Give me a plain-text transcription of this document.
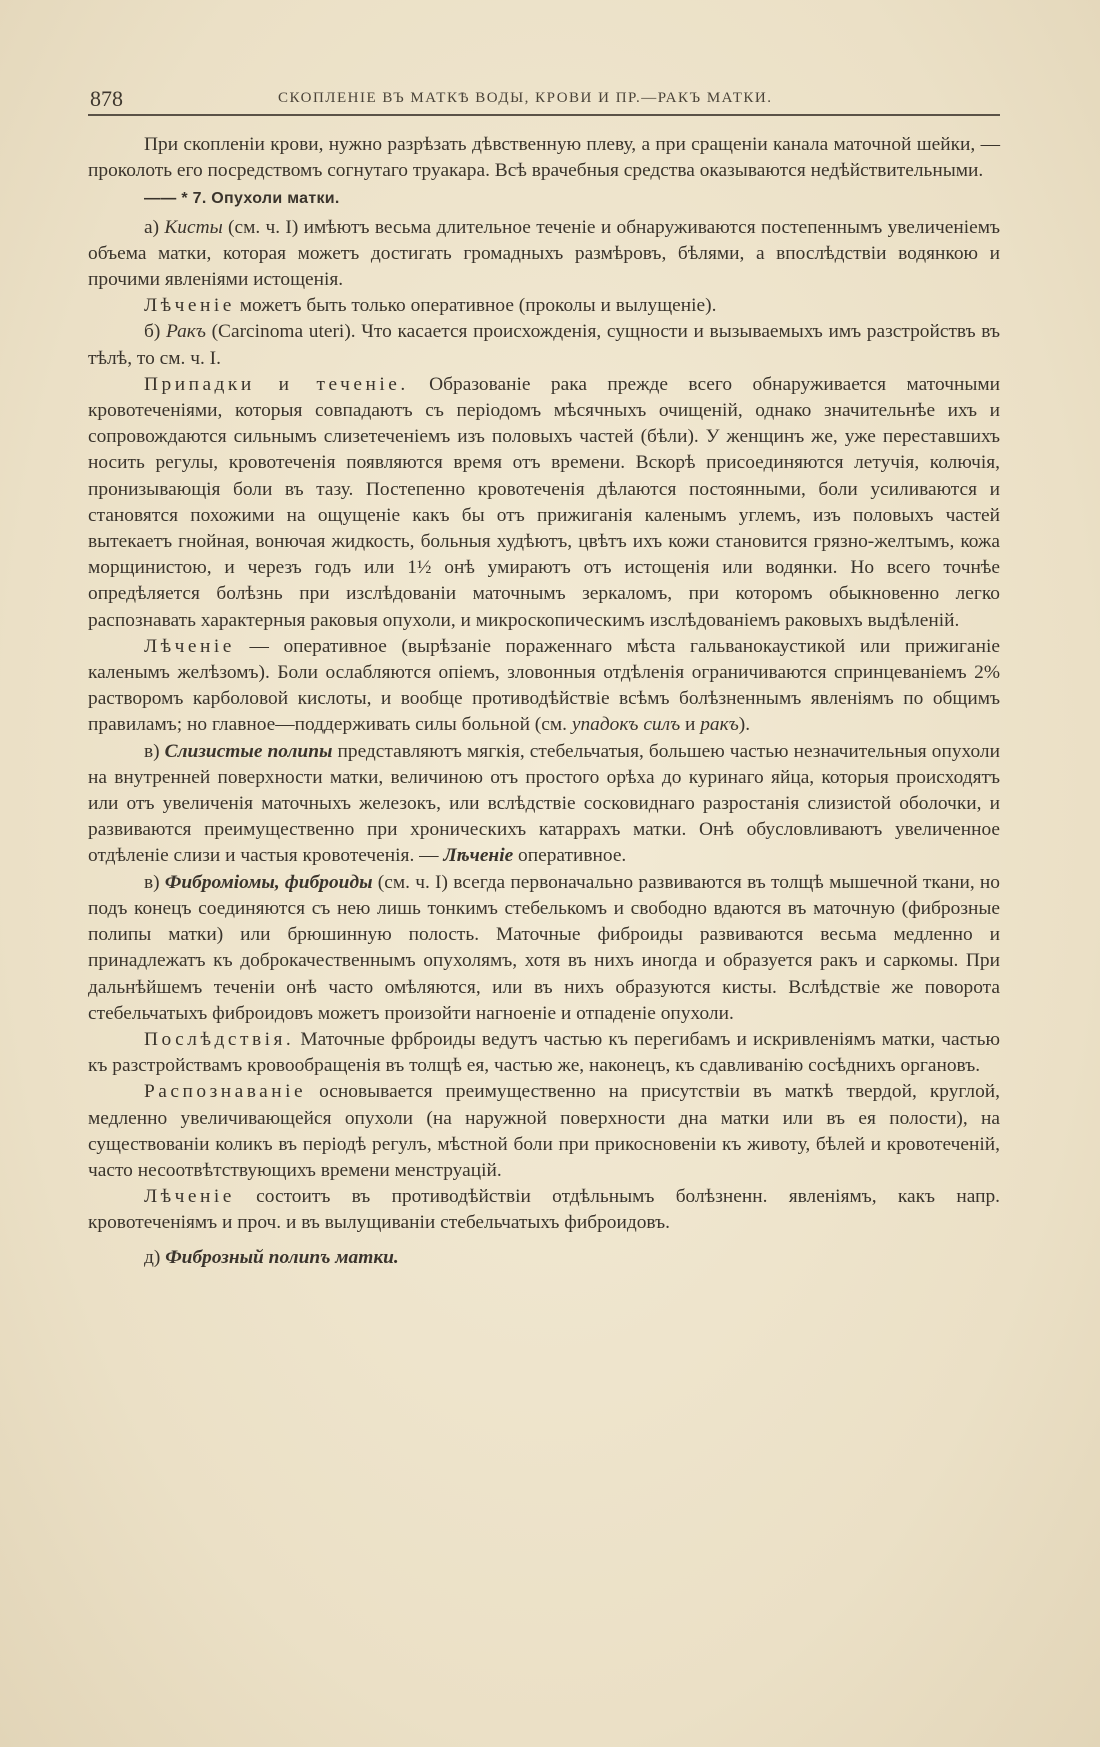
878	СКОПЛЕНІЕ ВЪ МАТКѢ ВОДЫ, КРОВИ И ПР.—РАКЪ МАТКИ.

При скопленіи крови, нужно разрѣзать дѣвственную плеву, а при сращеніи канала маточной шейки, — проколоть его посредствомъ согнутаго труакара. Всѣ врачебныя средства оказываются недѣйствительными.

—— * 7. Опухоли матки.

а) Кисты (см. ч. I) имѣютъ весьма длительное теченіе и обнаруживаются постепеннымъ увеличеніемъ объема матки, которая можетъ достигать громадныхъ размѣровъ, бѣлями, а впослѣдствіи водянкою и прочими явленіями истощенія.

Лѣченіе можетъ быть только оперативное (проколы и вылущеніе).

б) Ракъ (Carcinoma uteri). Что касается происхожденія, сущности и вызываемыхъ имъ разстройствъ въ тѣлѣ, то см. ч. I.

Припадки и теченіе. Образованіе рака прежде всего обнаруживается маточными кровотеченіями, которыя совпадаютъ съ періодомъ мѣсячныхъ очищеній, однако значительнѣе ихъ и сопровождаются сильнымъ слизетеченіемъ изъ половыхъ частей (бѣли). У женщинъ же, уже переставшихъ носить регулы, кровотеченія появляются время отъ времени. Вскорѣ присоединяются летучія, колючія, пронизывающія боли въ тазу. Постепенно кровотеченія дѣлаются постоянными, боли усиливаются и становятся похожими на ощущеніе какъ бы отъ прижиганія каленымъ углемъ, изъ половыхъ частей вытекаетъ гнойная, вонючая жидкость, больныя худѣютъ, цвѣтъ ихъ кожи становится грязно-желтымъ, кожа морщинистою, и черезъ годъ или 1½ онѣ умираютъ отъ истощенія или водянки. Но всего точнѣе опредѣляется болѣзнь при изслѣдованіи маточнымъ зеркаломъ, при которомъ обыкновенно легко распознавать характерныя раковыя опухоли, и микроскопическимъ изслѣдованіемъ раковыхъ выдѣленій.

Лѣченіе — оперативное (вырѣзаніе пораженнаго мѣста гальванокаустикой или прижиганіе каленымъ желѣзомъ). Боли ослабляются опіемъ, зловонныя отдѣленія ограничиваются спринцеваніемъ 2% растворомъ карболовой кислоты, и вообще противодѣйствіе всѣмъ болѣзненнымъ явленіямъ по общимъ правиламъ; но главное—поддерживать силы больной (см. упадокъ силъ и ракъ).

в) Слизистые полипы представляютъ мягкія, стебельчатыя, большею частью незначительныя опухоли на внутренней поверхности матки, величиною отъ простого орѣха до куринаго яйца, которыя происходятъ или отъ увеличенія маточныхъ железокъ, или вслѣдствіе сосковиднаго разростанія слизистой оболочки, и развиваются преимущественно при хроническихъ катаррахъ матки. Онѣ обусловливаютъ увеличенное отдѣленіе слизи и частыя кровотеченія. — Лѣченіе оперативное.

в) Фиброміомы, фиброиды (см. ч. I) всегда первоначально развиваются въ толщѣ мышечной ткани, но подъ конецъ соединяются съ нею лишь тонкимъ стебелькомъ и свободно вдаются въ маточную (фиброзные полипы матки) или брюшинную полость. Маточные фиброиды развиваются весьма медленно и принадлежатъ къ доброкачественнымъ опухолямъ, хотя въ нихъ иногда и образуется ракъ и саркомы. При дальнѣйшемъ теченіи онѣ часто омѣляются, или въ нихъ образуются кисты. Вслѣдствіе же поворота стебельчатыхъ фиброидовъ можетъ произойти нагноеніе и отпаденіе опухоли.

Послѣдствія. Маточные фрброиды ведутъ частью къ перегибамъ и искривленіямъ матки, частью къ разстройствамъ кровообращенія въ толщѣ ея, частью же, наконецъ, къ сдавливанію сосѣднихъ органовъ.

Распознаваніе основывается преимущественно на присутствіи въ маткѣ твердой, круглой, медленно увеличивающейся опухоли (на наружной поверхности дна матки или въ ея полости), на существованіи коликъ въ періодѣ регулъ, мѣстной боли при прикосновеніи къ животу, бѣлей и кровотеченій, часто несоотвѣтствующихъ времени менструацій.

Лѣченіе состоитъ въ противодѣйствіи отдѣльнымъ болѣзненн. явленіямъ, какъ напр. кровотеченіямъ и проч. и въ вылущиваніи стебельчатыхъ фиброидовъ.

д) Фиброзный полипъ матки.
